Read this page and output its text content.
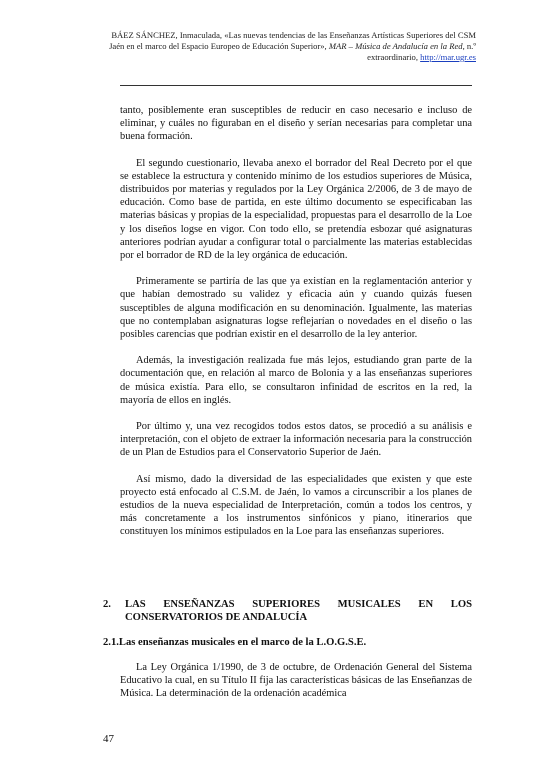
BÁEZ SÁNCHEZ, Inmaculada, «Las nuevas tendencias de las Enseñanzas Artísticas Superiores del CSM Jaén en el marco del Espacio Europeo de Educación Superior», MAR – Música de Andalucía en la Red, n.º extraordinario, http://mar.ugr.es

tanto, posiblemente eran susceptibles de reducir en caso necesario e incluso de eliminar, y cuáles no figuraban en el diseño y serían necesarias para completar una buena formación.

El segundo cuestionario, llevaba anexo el borrador del Real Decreto por el que se establece la estructura y contenido mínimo de los estudios superiores de Música, distribuidos por materias y regulados por la Ley Orgánica 2/2006, de 3 de mayo de educación. Como base de partida, en este último documento se especificaban las materias básicas y propias de la especialidad, propuestas para el desarrollo de la Loe y los diseños logse en vigor. Con todo ello, se pretendía esbozar qué asignaturas anteriores podrían ayudar a configurar total o parcialmente las materias establecidas por el borrador de RD de la ley orgánica de educación.

Primeramente se partiría de las que ya existían en la reglamentación anterior y que habían demostrado su validez y eficacia aún y cuando quizás fuesen susceptibles de alguna modificación en su denominación. Igualmente, las materias que no contemplaban asignaturas logse reflejarían o novedades en el diseño o las posibles carencias que podrían existir en el desarrollo de la ley anterior.

Además, la investigación realizada fue más lejos, estudiando gran parte de la documentación que, en relación al marco de Bolonia y a las enseñanzas superiores de música existía. Para ello, se consultaron infinidad de escritos en la red, la mayoría de ellos en inglés.

Por último y, una vez recogidos todos estos datos, se procedió a su análisis e interpretación, con el objeto de extraer la información necesaria para la construcción de un Plan de Estudios para el Conservatorio Superior de Jaén.

Así mismo, dado la diversidad de las especialidades que existen y que este proyecto está enfocado al C.S.M. de Jaén, lo vamos a circunscribir a los planes de estudios de la nueva especialidad de Interpretación, común a todos los centros, y más concretamente a los instrumentos sinfónicos y piano, itinerarios que constituyen los mínimos estipulados en la Loe para las enseñanzas superiores.

2. LAS ENSEÑANZAS SUPERIORES MUSICALES EN LOS
CONSERVATORIOS DE ANDALUCÍA
2.1.Las enseñanzas musicales en el marco de la L.O.G.S.E.

La Ley Orgánica 1/1990, de 3 de octubre, de Ordenación General del Sistema Educativo la cual, en su Título II fija las características básicas de las Enseñanzas de Música. La determinación de la ordenación académica

47
